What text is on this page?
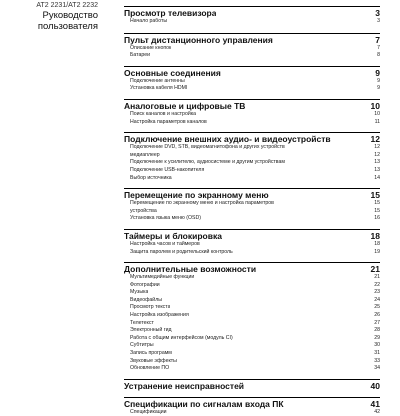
AT2 2231/AT2 2232
Руководство
пользователя
Просмотр телевизора	3
Начало работы	3
Пульт дистанционного управления	7
Описание кнопок	7
Батареи	8
Основные соединения	9
Подключение антенны	9
Установка кабеля HDMI	9
Аналоговые и цифровые ТВ	10
Поиск каналов и настройка	10
Настройка параметров каналов	11
Подключение внешних аудио- и видеоустройств	12
Подключение DVD, STB, видеомагнитофона и других устройств	12
медиаплеер	12
Подключение к усилителю, аудиосистеме и другим устройствам	13
Подключение USB-накопителя	13
Выбор источника	14
Перемещение по экранному меню	15
Перемещение по экранному меню и настройка параметров	15
устройства	15
Установка языка меню (OSD)	16
Таймеры и блокировка	18
Настройка часов и таймеров	18
Защита паролем и родительский контроль	19
Дополнительные возможности	21
Мультимедийные функции	21
Фотографии	22
Музыка	23
Видеофайлы	24
Просмотр текста	25
Настройка изображения	26
Телетекст	27
Электронный гид	28
Работа с общим интерфейсом (модуль CI)	29
Субтитры	30
Запись программ	31
Звуковые эффекты	33
Обновление ПО	34
Устранение неисправностей	40
Спецификации по сигналам входа ПК	41
Спецификации	42
